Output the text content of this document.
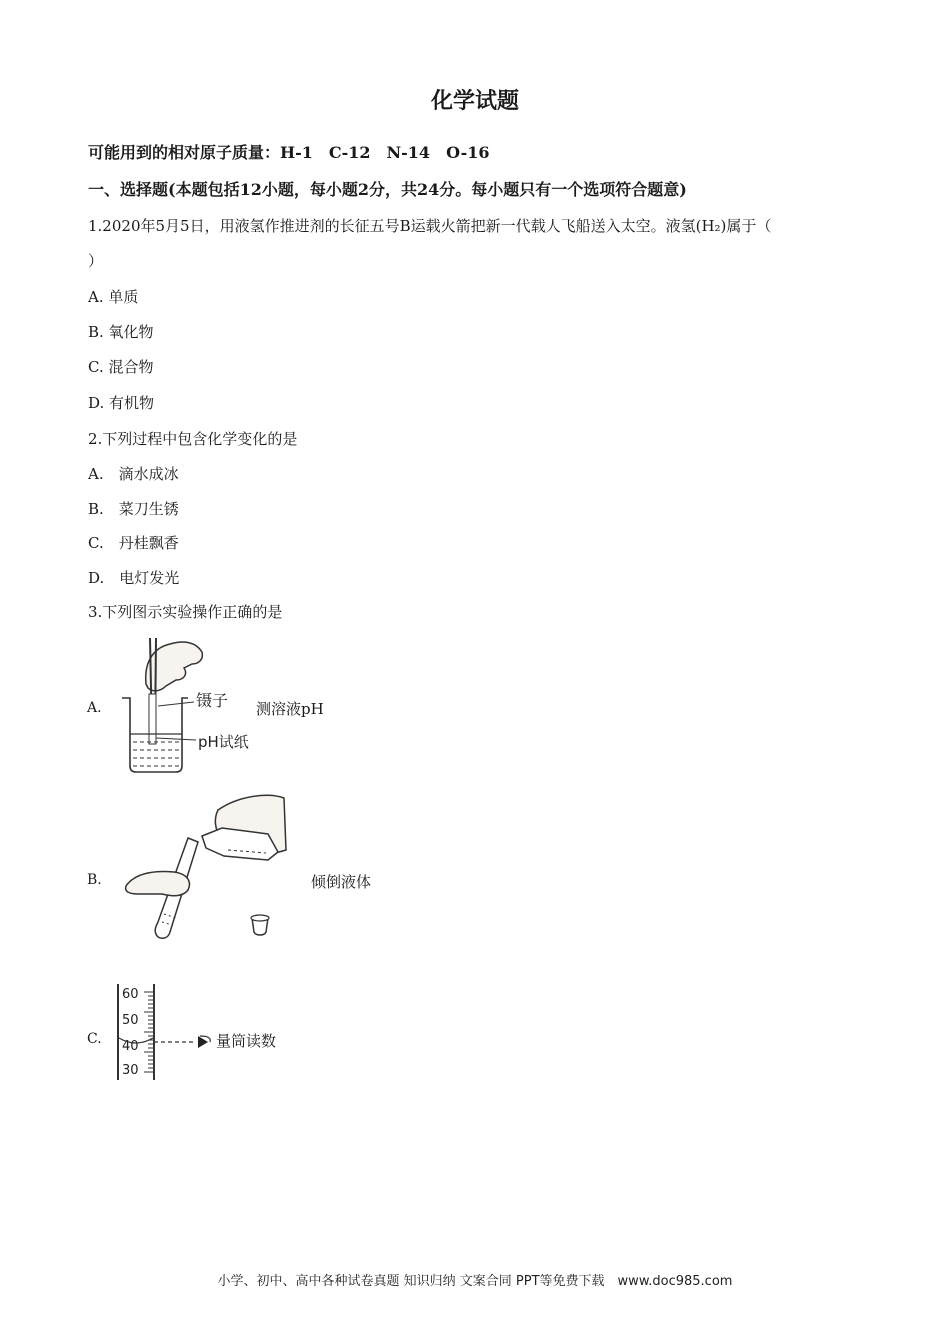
化学试题
可能用到的相对原子质量：H-1　C-12　N-14　O-16
一、选择题(本题包括12小题，每小题2分，共24分。每小题只有一个选项符合题意)
1.2020年5月5日，用液氢作推进剂的长征五号B运载火箭把新一代载人飞船送入太空。液氢(H₂)属于（
）
A. 单质
B. 氧化物
C. 混合物
D. 有机物
2.下列过程中包含化学变化的是
A.　滴水成冰
B.　菜刀生锈
C.　丹桂飘香
D.　电灯发光
3.下列图示实验操作正确的是
A.	镊子
pH试纸
测溶液pH
B.	倾倒液体
C.
60
50
40
30
量筒读数
小学、初中、高中各种试卷真题 知识归纳 文案合同 PPT等免费下载　www.doc985.com
